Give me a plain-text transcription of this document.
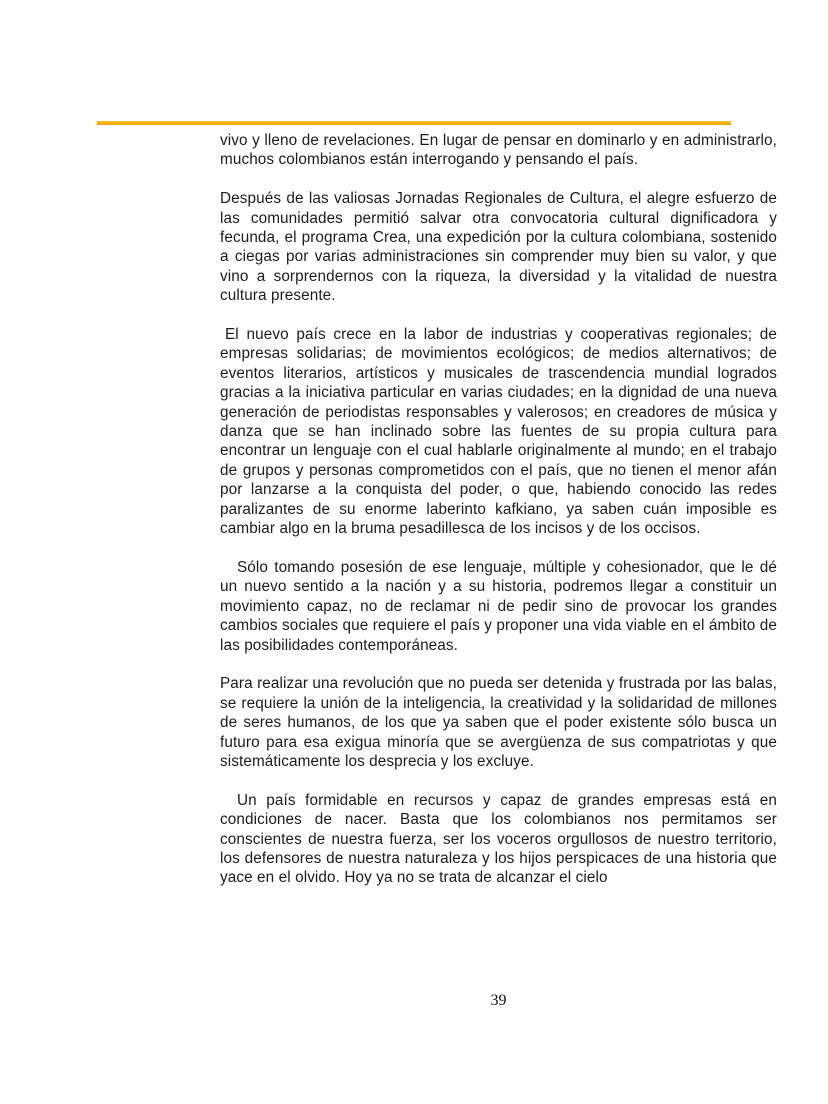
vivo y lleno de revelaciones. En lugar de pensar en dominarlo y en administrarlo, muchos colombianos están interrogando y pensando el país.

Después de las valiosas Jornadas Regionales de Cultura, el alegre esfuerzo de las comunidades permitió salvar otra convocatoria cultural dignificadora y fecunda, el programa Crea, una expedición por la cultura colombiana, sostenido a ciegas por varias administraciones sin comprender muy bien su valor, y que vino a sorprendernos con la riqueza, la diversidad y la vitalidad de nuestra cultura presente.

El nuevo país crece en la labor de industrias y cooperativas regionales; de empresas solidarias; de movimientos ecológicos; de medios alternativos; de eventos literarios, artísticos y musicales de trascendencia mundial logrados gracias a la iniciativa particular en varias ciudades; en la dignidad de una nueva generación de periodistas responsables y valerosos; en creadores de música y danza que se han inclinado sobre las fuentes de su propia cultura para encontrar un lenguaje con el cual hablarle originalmente al mundo; en el trabajo de grupos y personas comprometidos con el país, que no tienen el menor afán por lanzarse a la conquista del poder, o que, habiendo conocido las redes paralizantes de su enorme laberinto kafkiano, ya saben cuán imposible es cambiar algo en la bruma pesadillesca de los incisos y de los occisos.

Sólo tomando posesión de ese lenguaje, múltiple y cohesionador, que le dé un nuevo sentido a la nación y a su historia, podremos llegar a constituir un movimiento capaz, no de reclamar ni de pedir sino de provocar los grandes cambios sociales que requiere el país y proponer una vida viable en el ámbito de las posibilidades contemporáneas.

Para realizar una revolución que no pueda ser detenida y frustrada por las balas, se requiere la unión de la inteligencia, la creatividad y la solidaridad de millones de seres humanos, de los que ya saben que el poder existente sólo busca un futuro para esa exigua minoría que se avergüenza de sus compatriotas y que sistemáticamente los desprecia y los excluye.

Un país formidable en recursos y capaz de grandes empresas está en condiciones de nacer. Basta que los colombianos nos permitamos ser conscientes de nuestra fuerza, ser los voceros orgullosos de nuestro territorio, los defensores de nuestra naturaleza y los hijos perspicaces de una historia que yace en el olvido. Hoy ya no se trata de alcanzar el cielo

39
